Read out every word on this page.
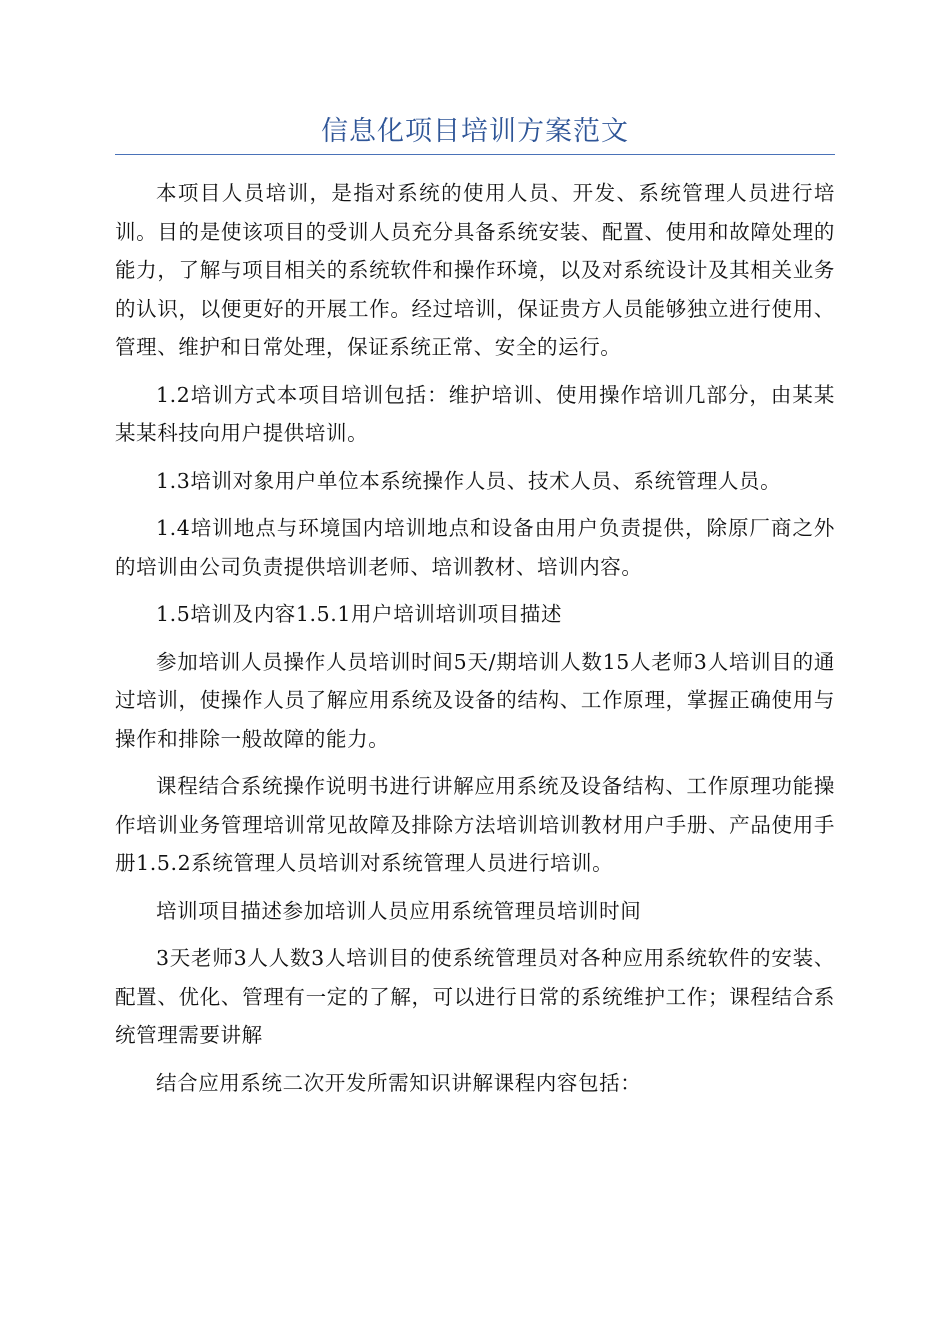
信息化项目培训方案范文

本项目人员培训，是指对系统的使用人员、开发、系统管理人员进行培训。目的是使该项目的受训人员充分具备系统安装、配置、使用和故障处理的能力，了解与项目相关的系统软件和操作环境，以及对系统设计及其相关业务的认识，以便更好的开展工作。经过培训，保证贵方人员能够独立进行使用、管理、维护和日常处理，保证系统正常、安全的运行。

1.2培训方式本项目培训包括：维护培训、使用操作培训几部分，由某某某某科技向用户提供培训。

1.3培训对象用户单位本系统操作人员、技术人员、系统管理人员。

1.4培训地点与环境国内培训地点和设备由用户负责提供，除原厂商之外的培训由公司负责提供培训老师、培训教材、培训内容。

1.5培训及内容1.5.1用户培训培训项目描述

参加培训人员操作人员培训时间5天/期培训人数15人老师3人培训目的通过培训，使操作人员了解应用系统及设备的结构、工作原理，掌握正确使用与操作和排除一般故障的能力。

课程结合系统操作说明书进行讲解应用系统及设备结构、工作原理功能操作培训业务管理培训常见故障及排除方法培训培训教材用户手册、产品使用手册1.5.2系统管理人员培训对系统管理人员进行培训。

培训项目描述参加培训人员应用系统管理员培训时间

3天老师3人人数3人培训目的使系统管理员对各种应用系统软件的安装、配置、优化、管理有一定的了解，可以进行日常的系统维护工作；课程结合系统管理需要讲解

结合应用系统二次开发所需知识讲解课程内容包括：
